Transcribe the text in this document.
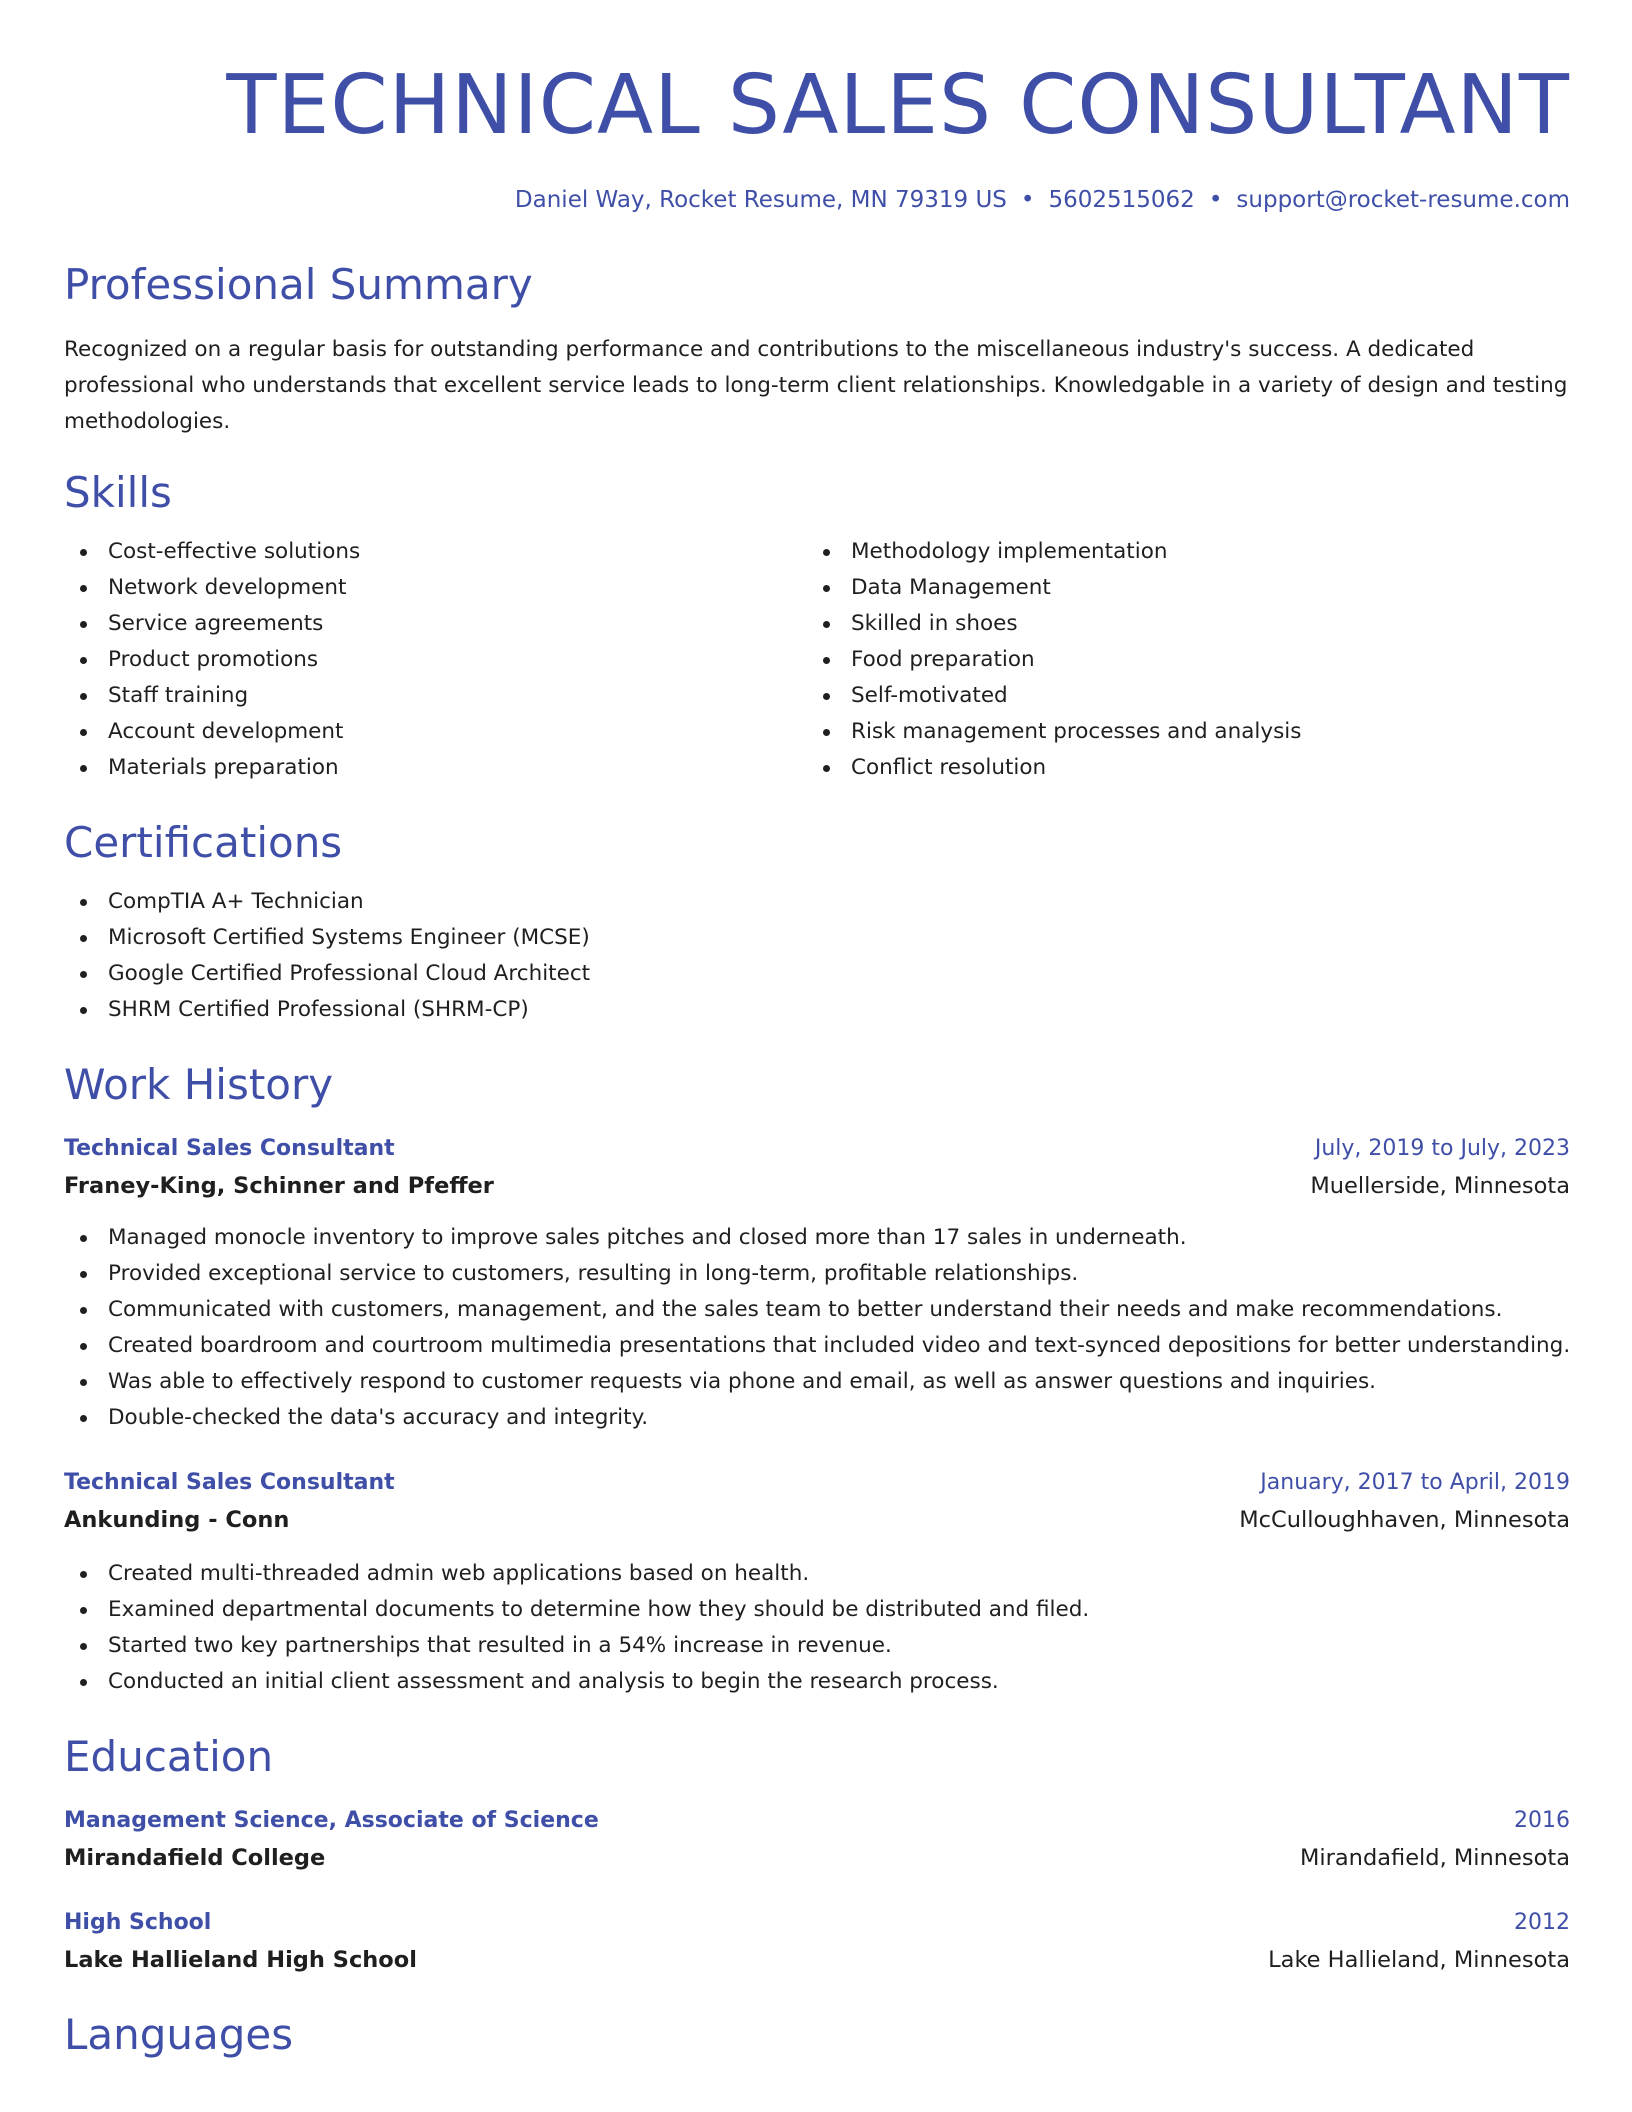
TECHNICAL SALES CONSULTANT
Daniel Way, Rocket Resume, MN 79319 US • 5602515062 • support@rocket-resume.com
Professional Summary

Recognized on a regular basis for outstanding performance and contributions to the miscellaneous industry's success. A dedicated professional who understands that excellent service leads to long-term client relationships. Knowledgable in a variety of design and testing methodologies.

Skills
Cost-effective solutions
Network development
Service agreements
Product promotions
Staff training
Account development
Materials preparation
Methodology implementation
Data Management
Skilled in shoes
Food preparation
Self-motivated
Risk management processes and analysis
Conflict resolution
Certifications
CompTIA A+ Technician
Microsoft Certified Systems Engineer (MCSE)
Google Certified Professional Cloud Architect
SHRM Certified Professional (SHRM-CP)
Work History
Technical Sales Consultant	July, 2019 to July, 2023
Franey-King, Schinner and Pfeffer	Muellerside, Minnesota
Managed monocle inventory to improve sales pitches and closed more than 17 sales in underneath.
Provided exceptional service to customers, resulting in long-term, profitable relationships.
Communicated with customers, management, and the sales team to better understand their needs and make recommendations.
Created boardroom and courtroom multimedia presentations that included video and text-synced depositions for better understanding.
Was able to effectively respond to customer requests via phone and email, as well as answer questions and inquiries.
Double-checked the data's accuracy and integrity.
Technical Sales Consultant	January, 2017 to April, 2019
Ankunding - Conn	McCulloughhaven, Minnesota
Created multi-threaded admin web applications based on health.
Examined departmental documents to determine how they should be distributed and filed.
Started two key partnerships that resulted in a 54% increase in revenue.
Conducted an initial client assessment and analysis to begin the research process.
Education
Management Science, Associate of Science	2016
Mirandafield College	Mirandafield, Minnesota
High School	2012
Lake Hallieland High School	Lake Hallieland, Minnesota
Languages
